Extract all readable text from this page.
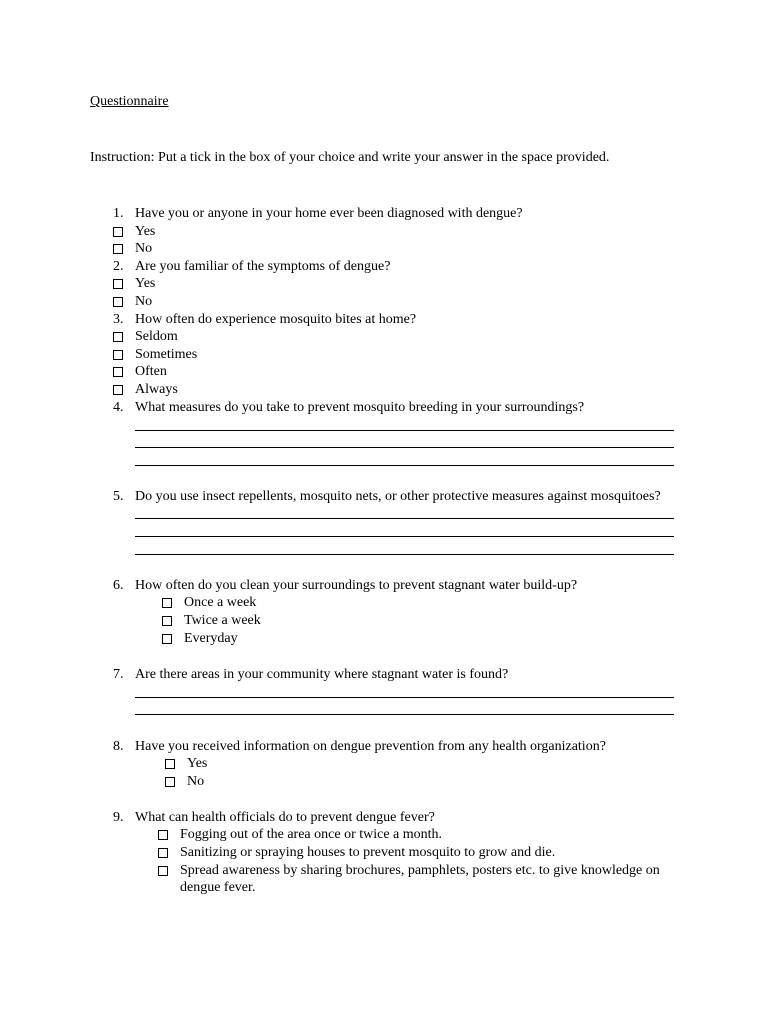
Questionnaire
Instruction: Put a tick in the box of your choice and write your answer in the space provided.
1. Have you or anyone in your home ever been diagnosed with dengue?
Yes
No
2. Are you familiar of the symptoms of dengue?
Yes
No
3. How often do experience mosquito bites at home?
Seldom
Sometimes
Often
Always
4. What measures do you take to prevent mosquito breeding in your surroundings?
5. Do you use insect repellents, mosquito nets, or other protective measures against mosquitoes?
6. How often do you clean your surroundings to prevent stagnant water build-up?
Once a week
Twice a week
Everyday
7. Are there areas in your community where stagnant water is found?
8. Have you received information on dengue prevention from any health organization?
Yes
No
9. What can health officials do to prevent dengue fever?
Fogging out of the area once or twice a month.
Sanitizing or spraying houses to prevent mosquito to grow and die.
Spread awareness by sharing brochures, pamphlets, posters etc. to give knowledge on
dengue fever.
